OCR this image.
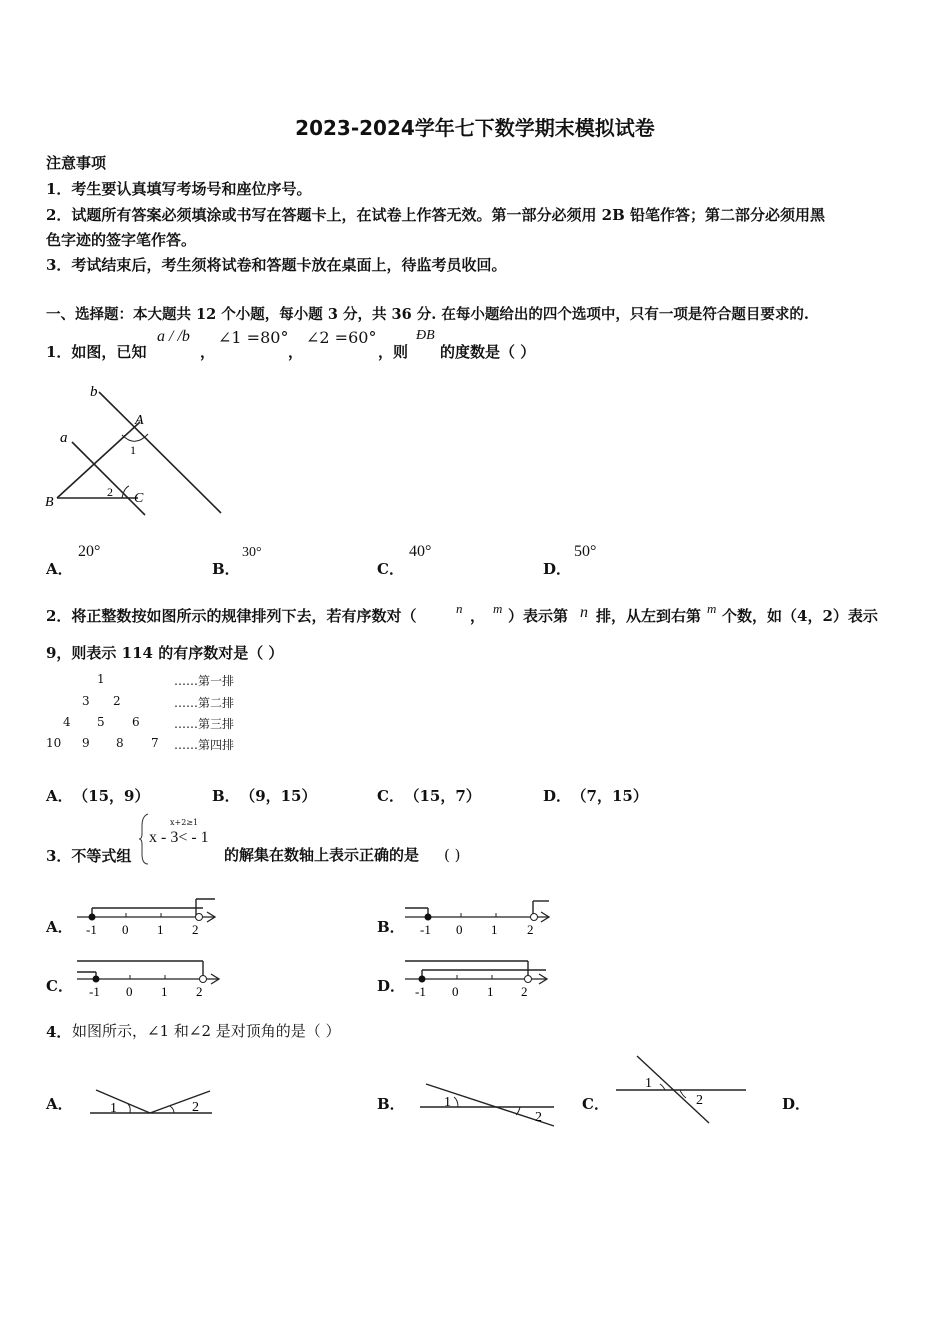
2023-2024学年七下数学期末模拟试卷
注意事项
1．考生要认真填写考场号和座位序号。
2．试题所有答案必须填涂或书写在答题卡上，在试卷上作答无效。第一部分必须用 2B 铅笔作答；第二部分必须用黑
色字迹的签字笔作答。
3．考试结束后，考生须将试卷和答题卡放在桌面上，待监考员收回。
一、选择题：本大题共 12 个小题，每小题 3 分，共 36 分. 在每小题给出的四个选项中，只有一项是符合题目要求的.
1．如图，已知
a / /b
，
∠1 =80°
，
∠2 =60°
，则
ÐB
的度数是（ ）
b
a
A
B	C
1
2
A．
20°
B．
30°
C．
40°
D．
50°
2．将正整数按如图所示的规律排列下去，若有序数对（	n ， m ）表示第 n 排，从左到右第 m 个数，如（4，2）表示
9，则表示 114 的有序数对是（ ）
1	……第一排
3 2	……第二排
4 5 6	……第三排
10 9 8 7 ……第四排
A． （15，9）	B． （9，15）	C． （15，7）	D． （7，15）
3．不等式组
x+2≥1
x - 3< - 1
的解集在数轴上表示正确的是 ( )
A． -1 0 1 2	B． -1 0 1 2
C． -1 0 1 2	D． -1 0 1 2
4． 如图所示，∠1 和∠2 是对顶角的是（ ）
A．	1	2	B．	1
2
C．
1
2	D．
